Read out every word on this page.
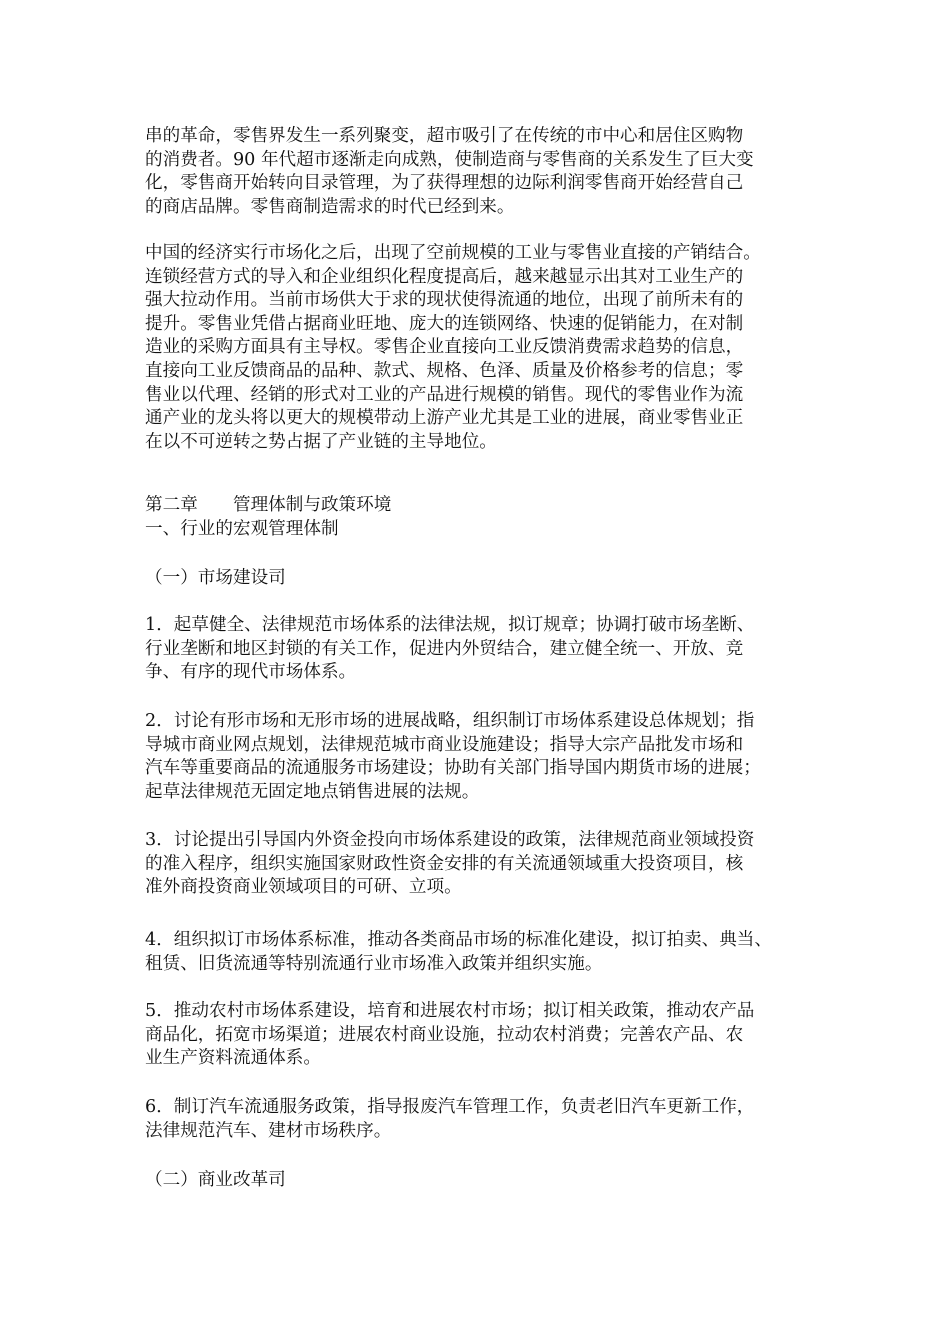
串的革命，零售界发生一系列聚变，超市吸引了在传统的市中心和居住区购物
的消费者。90 年代超市逐渐走向成熟，使制造商与零售商的关系发生了巨大变
化，零售商开始转向目录管理，为了获得理想的边际利润零售商开始经营自己
的商店品牌。零售商制造需求的时代已经到来。
中国的经济实行市场化之后，出现了空前规模的工业与零售业直接的产销结合。
连锁经营方式的导入和企业组织化程度提高后，越来越显示出其对工业生产的
强大拉动作用。当前市场供大于求的现状使得流通的地位，出现了前所未有的
提升。零售业凭借占据商业旺地、庞大的连锁网络、快速的促销能力，在对制
造业的采购方面具有主导权。零售企业直接向工业反馈消费需求趋势的信息，
直接向工业反馈商品的品种、款式、规格、色泽、质量及价格参考的信息；零
售业以代理、经销的形式对工业的产品进行规模的销售。现代的零售业作为流
通产业的龙头将以更大的规模带动上游产业尤其是工业的进展，商业零售业正
在以不可逆转之势占据了产业链的主导地位。
第二章　　管理体制与政策环境
一、行业的宏观管理体制
（一）市场建设司
1．起草健全、法律规范市场体系的法律法规，拟订规章；协调打破市场垄断、
行业垄断和地区封锁的有关工作，促进内外贸结合，建立健全统一、开放、竞
争、有序的现代市场体系。
2．讨论有形市场和无形市场的进展战略，组织制订市场体系建设总体规划；指
导城市商业网点规划，法律规范城市商业设施建设；指导大宗产品批发市场和
汽车等重要商品的流通服务市场建设；协助有关部门指导国内期货市场的进展；
起草法律规范无固定地点销售进展的法规。
3．讨论提出引导国内外资金投向市场体系建设的政策，法律规范商业领域投资
的准入程序，组织实施国家财政性资金安排的有关流通领域重大投资项目，核
准外商投资商业领域项目的可研、立项。
4．组织拟订市场体系标准，推动各类商品市场的标准化建设，拟订拍卖、典当、
租赁、旧货流通等特别流通行业市场准入政策并组织实施。
5．推动农村市场体系建设，培育和进展农村市场；拟订相关政策，推动农产品
商品化，拓宽市场渠道；进展农村商业设施，拉动农村消费；完善农产品、农
业生产资料流通体系。
6．制订汽车流通服务政策，指导报废汽车管理工作，负责老旧汽车更新工作，
法律规范汽车、建材市场秩序。
（二）商业改革司
